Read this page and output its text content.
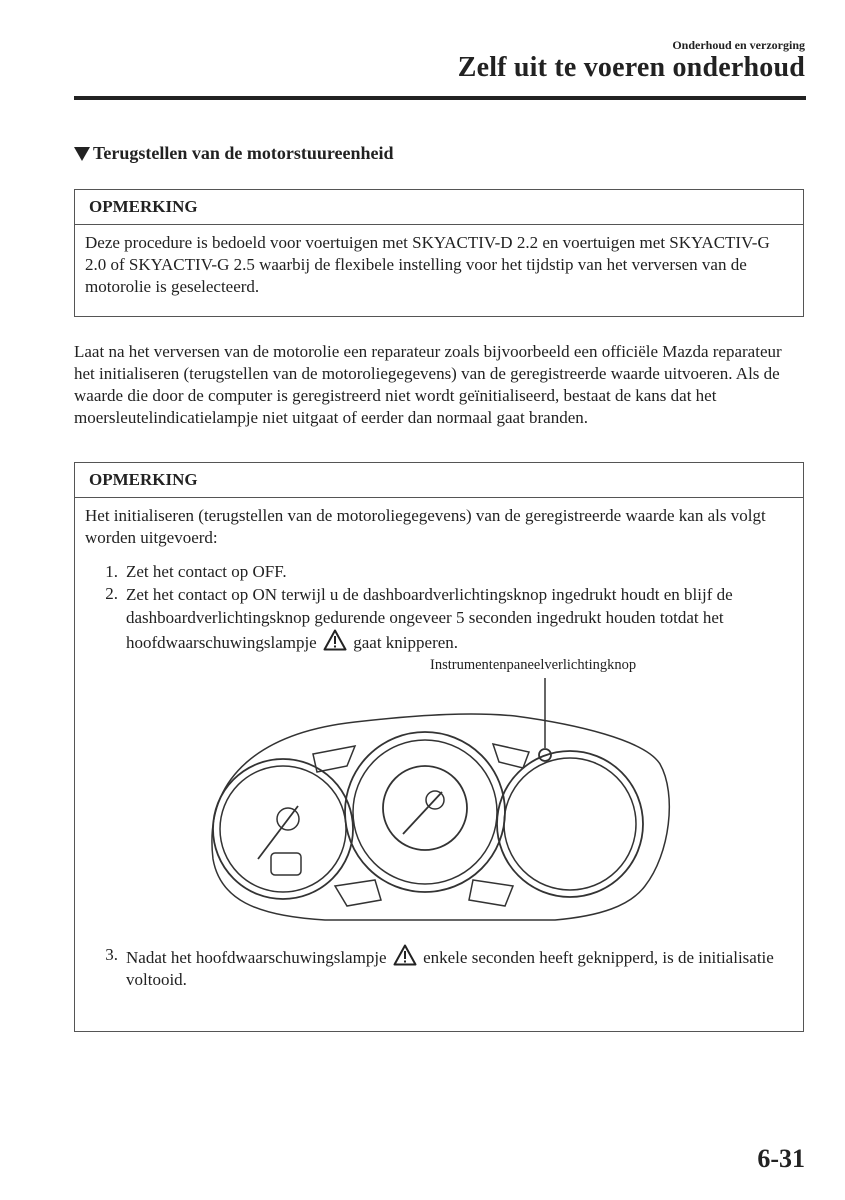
Onderhoud en verzorging
Zelf uit te voeren onderhoud
Terugstellen van de motorstuureenheid
OPMERKING
Deze procedure is bedoeld voor voertuigen met SKYACTIV-D 2.2 en voertuigen met SKYACTIV-G 2.0 of SKYACTIV-G 2.5 waarbij de flexibele instelling voor het tijdstip van het verversen van de motorolie is geselecteerd.
Laat na het verversen van de motorolie een reparateur zoals bijvoorbeeld een officiële Mazda reparateur het initialiseren (terugstellen van de motoroliegegevens) van de geregistreerde waarde uitvoeren. Als de waarde die door de computer is geregistreerd niet wordt geïnitialiseerd, bestaat de kans dat het moersleutelindicatielampje niet uitgaat of eerder dan normaal gaat branden.
OPMERKING
Het initialiseren (terugstellen van de motoroliegegevens) van de geregistreerde waarde kan als volgt worden uitgevoerd:
1. Zet het contact op OFF.
2. Zet het contact op ON terwijl u de dashboardverlichtingsknop ingedrukt houdt en blijf de dashboardverlichtingsknop gedurende ongeveer 5 seconden ingedrukt houden totdat het hoofdwaarschuwingslampje gaat knipperen.
Instrumentenpaneelverlichtingknop
3. Nadat het hoofdwaarschuwingslampje enkele seconden heeft geknipperd, is de initialisatie voltooid.
6-31
